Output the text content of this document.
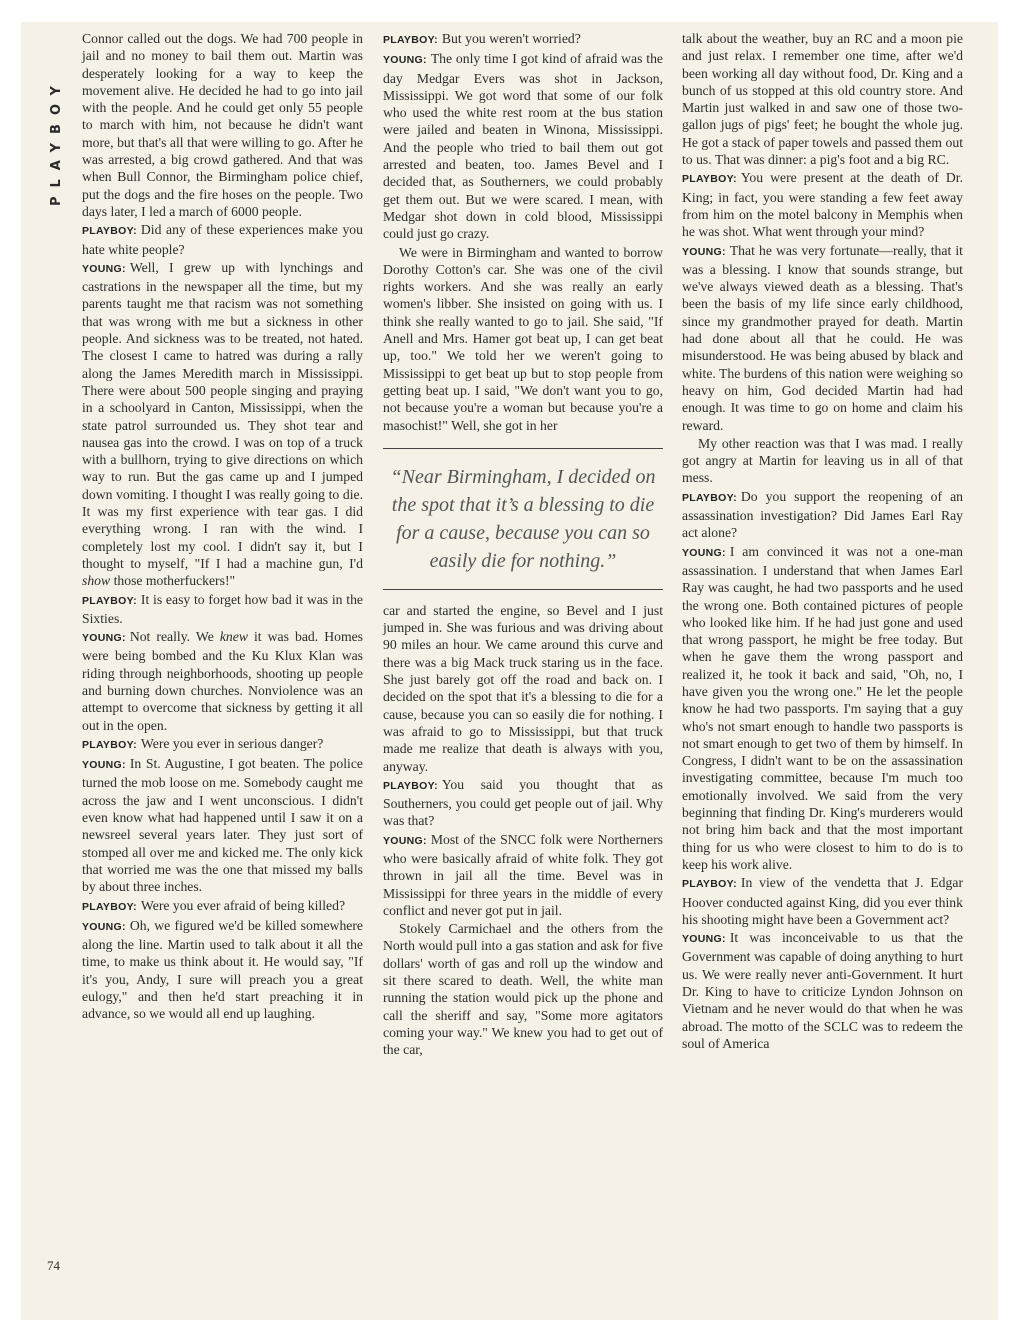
PLAYBOY

Connor called out the dogs. We had 700 people in jail and no money to bail them out. Martin was desperately looking for a way to keep the movement alive. He decided he had to go into jail with the people. And he could get only 55 people to march with him, not because he didn't want more, but that's all that were willing to go. After he was arrested, a big crowd gathered. And that was when Bull Connor, the Birmingham police chief, put the dogs and the fire hoses on the people. Two days later, I led a march of 6000 people.

PLAYBOY: Did any of these experiences make you hate white people?

YOUNG: Well, I grew up with lynchings and castrations in the newspaper all the time, but my parents taught me that racism was not something that was wrong with me but a sickness in other people. And sickness was to be treated, not hated. The closest I came to hatred was during a rally along the James Meredith march in Mississippi. There were about 500 people singing and praying in a schoolyard in Canton, Mississippi, when the state patrol surrounded us. They shot tear and nausea gas into the crowd. I was on top of a truck with a bullhorn, trying to give directions on which way to run. But the gas came up and I jumped down vomiting. I thought I was really going to die. It was my first experience with tear gas. I did everything wrong. I ran with the wind. I completely lost my cool. I didn't say it, but I thought to myself, "If I had a machine gun, I'd show those motherfuckers!"

PLAYBOY: It is easy to forget how bad it was in the Sixties.

YOUNG: Not really. We knew it was bad. Homes were being bombed and the Ku Klux Klan was riding through neighborhoods, shooting up people and burning down churches. Nonviolence was an attempt to overcome that sickness by getting it all out in the open.

PLAYBOY: Were you ever in serious danger?

YOUNG: In St. Augustine, I got beaten. The police turned the mob loose on me. Somebody caught me across the jaw and I went unconscious. I didn't even know what had happened until I saw it on a newsreel several years later. They just sort of stomped all over me and kicked me. The only kick that worried me was the one that missed my balls by about three inches.

PLAYBOY: Were you ever afraid of being killed?

YOUNG: Oh, we figured we'd be killed somewhere along the line. Martin used to talk about it all the time, to make us think about it. He would say, "If it's you, Andy, I sure will preach you a great eulogy," and then he'd start preaching it in advance, so we would all end up laughing.

PLAYBOY: But you weren't worried?

YOUNG: The only time I got kind of afraid was the day Medgar Evers was shot in Jackson, Mississippi. We got word that some of our folk who used the white rest room at the bus station were jailed and beaten in Winona, Mississippi. And the people who tried to bail them out got arrested and beaten, too. James Bevel and I decided that, as Southerners, we could probably get them out. But we were scared. I mean, with Medgar shot down in cold blood, Mississippi could just go crazy.

We were in Birmingham and wanted to borrow Dorothy Cotton's car. She was one of the civil rights workers. And she was really an early women's libber. She insisted on going with us. I think she really wanted to go to jail. She said, "If Anell and Mrs. Hamer got beat up, I can get beat up, too." We told her we weren't going to Mississippi to get beat up but to stop people from getting beat up. I said, "We don't want you to go, not because you're a woman but because you're a masochist!" Well, she got in her

“Near Birmingham, I decided on the spot that it’s a blessing to die for a cause, because you can so easily die for nothing.”

car and started the engine, so Bevel and I just jumped in. She was furious and was driving about 90 miles an hour. We came around this curve and there was a big Mack truck staring us in the face. She just barely got off the road and back on. I decided on the spot that it's a blessing to die for a cause, because you can so easily die for nothing. I was afraid to go to Mississippi, but that truck made me realize that death is always with you, anyway.

PLAYBOY: You said you thought that as Southerners, you could get people out of jail. Why was that?

YOUNG: Most of the SNCC folk were Northerners who were basically afraid of white folk. They got thrown in jail all the time. Bevel was in Mississippi for three years in the middle of every conflict and never got put in jail.

Stokely Carmichael and the others from the North would pull into a gas station and ask for five dollars' worth of gas and roll up the window and sit there scared to death. Well, the white man running the station would pick up the phone and call the sheriff and say, "Some more agitators coming your way." We knew you had to get out of the car,

talk about the weather, buy an RC and a moon pie and just relax. I remember one time, after we'd been working all day without food, Dr. King and a bunch of us stopped at this old country store. And Martin just walked in and saw one of those two-gallon jugs of pigs' feet; he bought the whole jug. He got a stack of paper towels and passed them out to us. That was dinner: a pig's foot and a big RC.

PLAYBOY: You were present at the death of Dr. King; in fact, you were standing a few feet away from him on the motel balcony in Memphis when he was shot. What went through your mind?

YOUNG: That he was very fortunate—really, that it was a blessing. I know that sounds strange, but we've always viewed death as a blessing. That's been the basis of my life since early childhood, since my grandmother prayed for death. Martin had done about all that he could. He was misunderstood. He was being abused by black and white. The burdens of this nation were weighing so heavy on him, God decided Martin had had enough. It was time to go on home and claim his reward.

My other reaction was that I was mad. I really got angry at Martin for leaving us in all of that mess.

PLAYBOY: Do you support the reopening of an assassination investigation? Did James Earl Ray act alone?

YOUNG: I am convinced it was not a one-man assassination. I understand that when James Earl Ray was caught, he had two passports and he used the wrong one. Both contained pictures of people who looked like him. If he had just gone and used that wrong passport, he might be free today. But when he gave them the wrong passport and realized it, he took it back and said, "Oh, no, I have given you the wrong one." He let the people know he had two passports. I'm saying that a guy who's not smart enough to handle two passports is not smart enough to get two of them by himself. In Congress, I didn't want to be on the assassination investigating committee, because I'm much too emotionally involved. We said from the very beginning that finding Dr. King's murderers would not bring him back and that the most important thing for us who were closest to him to do is to keep his work alive.

PLAYBOY: In view of the vendetta that J. Edgar Hoover conducted against King, did you ever think his shooting might have been a Government act?

YOUNG: It was inconceivable to us that the Government was capable of doing anything to hurt us. We were really never anti-Government. It hurt Dr. King to have to criticize Lyndon Johnson on Vietnam and he never would do that when he was abroad. The motto of the SCLC was to redeem the soul of America

74
